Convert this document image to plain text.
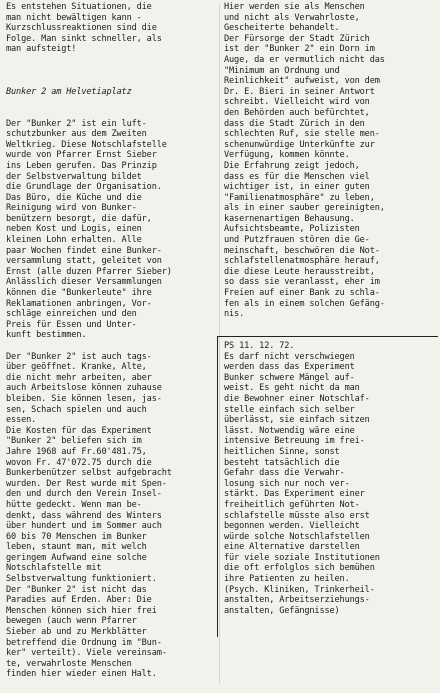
Es entstehen Situationen, die
man nicht bewältigen kann -
Kurzschlussreaktionen sind die
Folge. Man sinkt schneller, als
man aufsteigt!
Bunker 2 am Helvetiaplatz
Der "Bunker 2" ist ein luft-
schutzbunker aus dem Zweiten
Weltkrieg. Diese Notschlafstelle
wurde von Pfarrer Ernst Sieber
ins Leben gerufen. Das Prinzip
der Selbstverwaltung bildet
die Grundlage der Organisation.
Das Büro, die Küche und die
Reinigung wird von Bunker-
benützern besorgt, die dafür,
neben Kost und Logis, einen
kleinen Lohn erhalten. Alle
paar Wochen findet eine Bunker-
versammlung statt, geleitet von
Ernst (alle duzen Pfarrer Sieber)
Anlässlich dieser Versammlungen
können die "Bunkerleute" ihre
Reklamationen anbringen, Vor-
schläge einreichen und den
Preis für Essen und Unter-
kunft bestimmen.
Der "Bunker 2" ist auch tags-
über geöffnet. Kranke, Alte,
die nicht mehr arbeiten, aber
auch Arbeitslose können zuhause
bleiben. Sie können lesen, jas-
sen, Schach spielen und auch
essen.
Die Kosten für das Experiment
"Bunker 2" beliefen sich im
Jahre 1968 auf Fr.60'481.75,
wovon Fr. 47'072.75 durch die
Bunkerbenützer selbst aufgebracht
wurden. Der Rest wurde mit Spen-
den und durch den Verein Insel-
hütte gedeckt. Wenn man be-
denkt, dass während des Winters
über hundert und im Sommer auch
60 bis 70 Menschen im Bunker
leben, staunt man, mit welch
geringem Aufwand eine solche
Notschlafstelle mit
Selbstverwaltung funktioniert.
Der "Bunker 2" ist nicht das
Paradies auf Erden. Aber: Die
Menschen können sich hier frei
bewegen (auch wenn Pfarrer
Sieber ab und zu Merkblätter
betreffend die Ordnung im "Bun-
ker" verteilt). Viele vereinsam-
te, verwahrloste Menschen
finden hier wieder einen Halt.
Hier werden sie als Menschen
und nicht als Verwahrloste,
Gescheiterte behandelt.
Der Fürsorge der Stadt Zürich
ist der "Bunker 2" ein Dorn im
Auge, da er vermutlich nicht das
"Minimum an Ordnung und
Reinlichkeit" aufweist, von dem
Dr. E. Bieri in seiner Antwort
schreibt. Vielleicht wird von
den Behörden auch befürchtet,
dass die Stadt Zürich in den
schlechten Ruf, sie stelle men-
schenunwürdige Unterkünfte zur
Verfügung, kommen könnte.
Die Erfahrung zeigt jedoch,
dass es für die Menschen viel
wichtiger ist, in einer guten
"Familienatmosphäre" zu leben,
als in einer sauber gereinigten,
kasernenartigen Behausung.
Aufsichtsbeamte, Polizisten
und Putzfrauen stören die Ge-
meinschaft, beschwören die Not-
schlafstellenatmosphäre herauf,
die diese Leute herausstreibt,
so dass sie veranlasst, eher im
Freien auf einer Bank zu schla-
fen als in einem solchen Gefäng-
nis.
PS 11. 12. 72.
Es darf nicht verschwiegen
werden dass das Experiment
Bunker schwere Mängel auf-
weist. Es geht nicht da man
die Bewohner einer Notschlaf-
stelle einfach sich selber
überlässt, sie einfach sitzen
lässt. Notwendig wäre eine
intensive Betreuung im frei-
heitlichen Sinne, sonst
besteht tatsächlich die
Gefahr dass die Verwahr-
losung sich nur noch ver-
stärkt. Das Experiment einer
freiheitlich geführten Not-
schlafstelle müsste also erst
begonnen werden. Vielleicht
würde solche Notschlafstellen
eine Alternative darstellen
für viele soziale Institutionen
die oft erfolglos sich bemühen
ihre Patienten zu heilen.
(Psych. Kliniken, Trinkerheil-
anstalten, Arbeitserziehungs-
anstalten, Gefängnisse)
